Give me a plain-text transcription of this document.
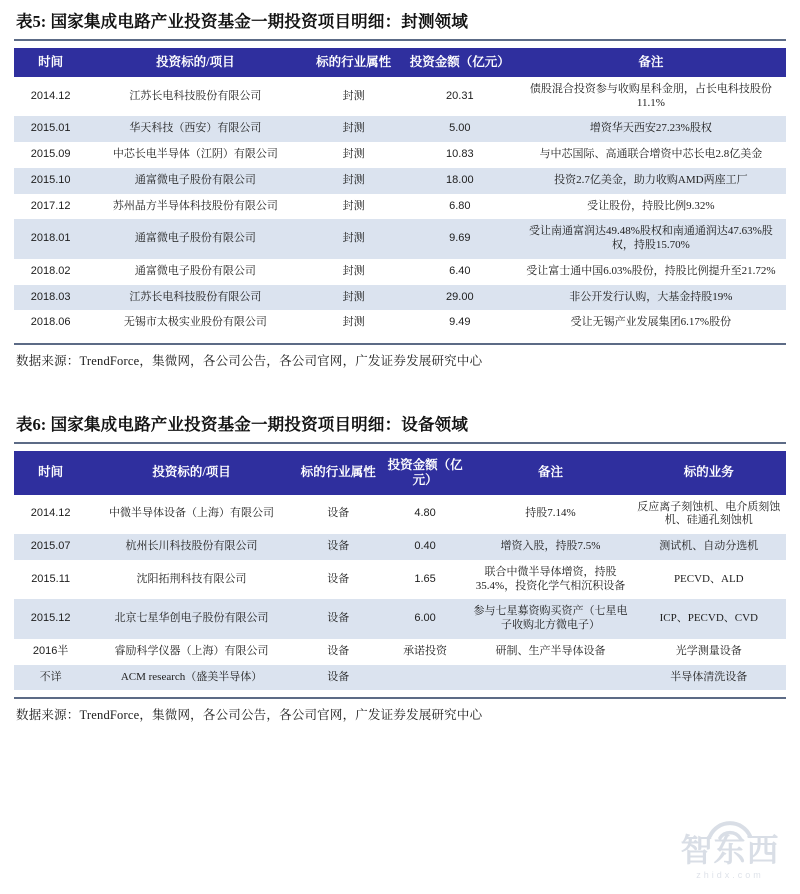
表5: 国家集成电路产业投资基金一期投资项目明细：封测领域
时间	投资标的/项目	标的行业属性	投资金额（亿元）	备注
2014.12	江苏长电科技股份有限公司	封测	20.31	债股混合投资参与收购星科金朋，占长电科技股份11.1%
2015.01	华天科技（西安）有限公司	封测	5.00	增资华天西安27.23%股权
2015.09	中芯长电半导体（江阴）有限公司	封测	10.83	与中芯国际、高通联合增资中芯长电2.8亿美金
2015.10	通富微电子股份有限公司	封测	18.00	投资2.7亿美金，助力收购AMD两座工厂
2017.12	苏州晶方半导体科技股份有限公司	封测	6.80	受让股份，持股比例9.32%
2018.01	通富微电子股份有限公司	封测	9.69	受让南通富润达49.48%股权和南通通润达47.63%股权，持股15.70%
2018.02	通富微电子股份有限公司	封测	6.40	受让富士通中国6.03%股份，持股比例提升至21.72%
2018.03	江苏长电科技股份有限公司	封测	29.00	非公开发行认购，大基金持股19%
2018.06	无锡市太极实业股份有限公司	封测	9.49	受让无锡产业发展集团6.17%股份
数据来源：TrendForce，集微网，各公司公告，各公司官网，广发证券发展研究中心
表6: 国家集成电路产业投资基金一期投资项目明细：设备领域
时间	投资标的/项目	标的行业属性	投资金额（亿元）	备注	标的业务
2014.12	中微半导体设备（上海）有限公司	设备	4.80	持股7.14%	反应离子刻蚀机、电介质刻蚀机、硅通孔刻蚀机
2015.07	杭州长川科技股份有限公司	设备	0.40	增资入股，持股7.5%	测试机、自动分选机
2015.11	沈阳拓荆科技有限公司	设备	1.65	联合中微半导体增资，持股35.4%，投资化学气相沉积设备	PECVD、ALD
2015.12	北京七星华创电子股份有限公司	设备	6.00	参与七星募资购买资产（七星电子收购北方微电子）	ICP、PECVD、CVD
2016半	睿励科学仪器（上海）有限公司	设备	承诺投资	研制、生产半导体设备	光学测量设备
不详	ACM research（盛美半导体）	设备			半导体清洗设备
数据来源：TrendForce，集微网，各公司公告，各公司官网，广发证券发展研究中心
智东西
zhidx.com
